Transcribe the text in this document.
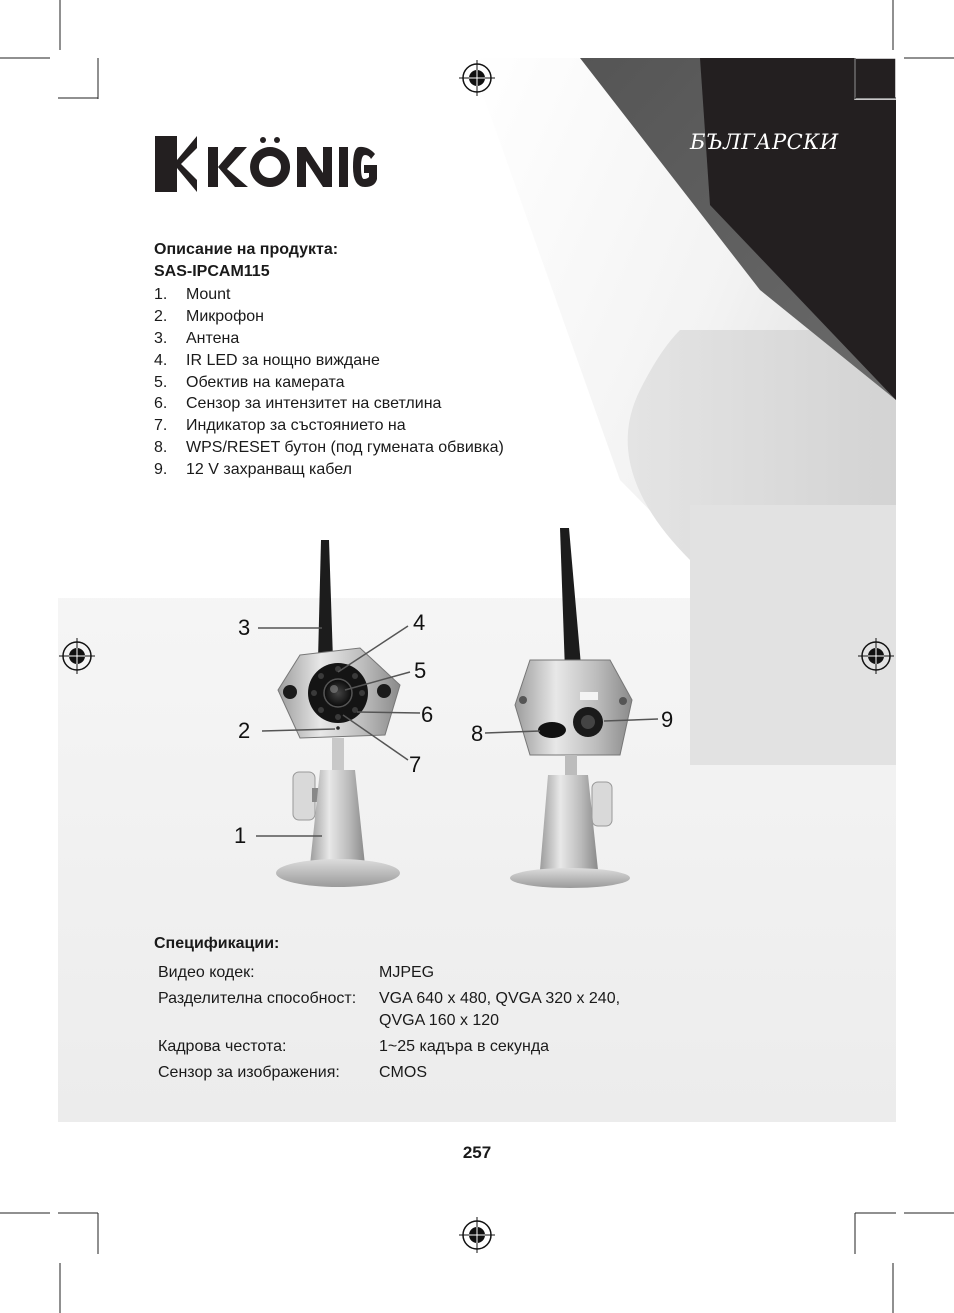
БЪЛГАРСКИ
Описание на продукта:
SAS-IPCAM115
1.	Mount
2.	Микрофон
3.	Антена
4.	IR LED за нощно виждане
5.	Обектив на камерата
6.	Сензор за интензитет на светлина
7.	Индикатор за състоянието на
8.	WPS/RESET бутон (под гумената обвивка)
9.	12 V захранващ кабел
1
2
3	4
5
6
7
8
9
Спецификации:
Видео кодек:	MJPEG
Разделителна способност:	VGA 640 x 480, QVGA 320 x 240, QVGA 160 x 120
Кадрова честота:	1~25 кадъра в секунда
Сензор за изображения:	CMOS
257
